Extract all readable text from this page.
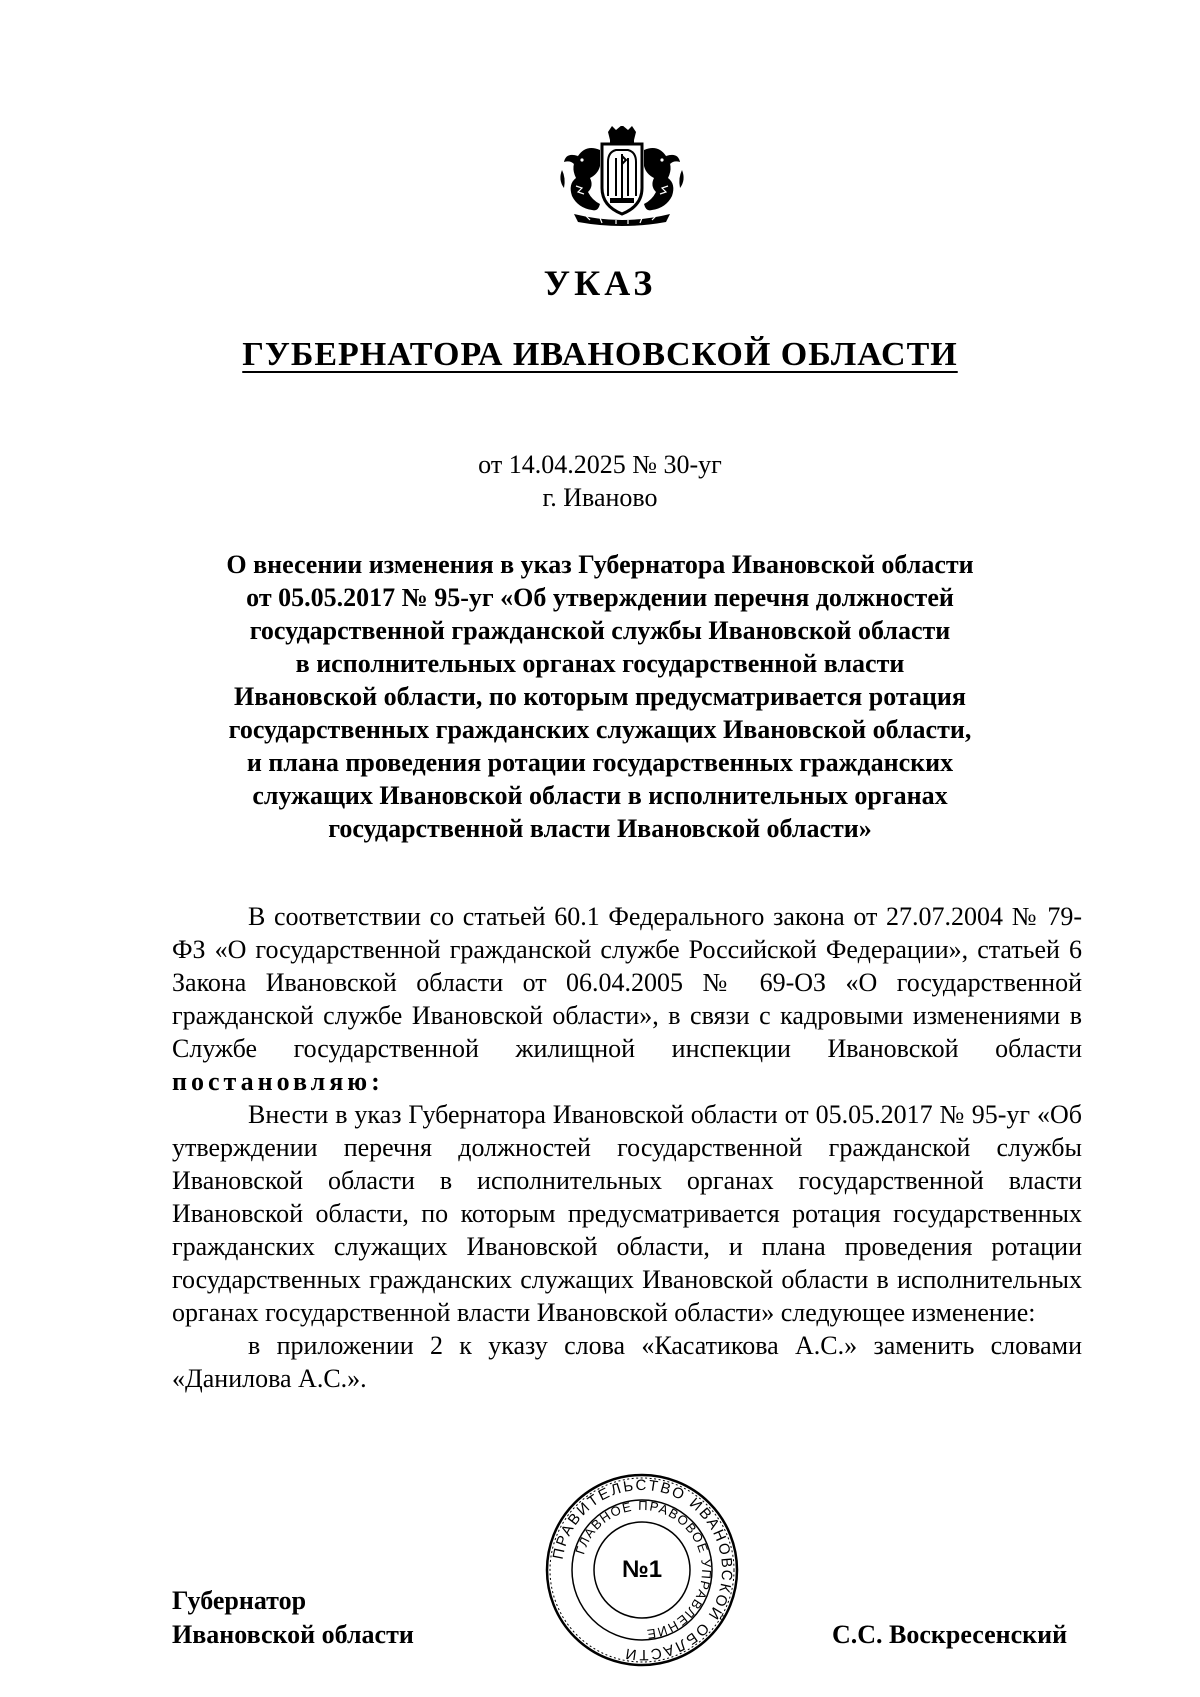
УКАЗ
ГУБЕРНАТОРА ИВАНОВСКОЙ ОБЛАСТИ
от 14.04.2025 № 30-уг
г. Иваново
О внесении изменения в указ Губернатора Ивановской области
от 05.05.2017 № 95-уг «Об утверждении перечня должностей
государственной гражданской службы Ивановской области
в исполнительных органах государственной власти
Ивановской области, по которым предусматривается ротация
государственных гражданских служащих Ивановской области,
и плана проведения ротации государственных гражданских
служащих Ивановской области в исполнительных органах
государственной власти Ивановской области»

В соответствии со статьей 60.1 Федерального закона от 27.07.2004 № 79-ФЗ «О государственной гражданской службе Российской Федерации», статьей 6 Закона Ивановской области от 06.04.2005 № 69-ОЗ «О государственной гражданской службе Ивановской области», в связи с кадровыми изменениями в Службе государственной жилищной инспекции Ивановской области постановляю:

Внести в указ Губернатора Ивановской области от 05.05.2017 № 95-уг «Об утверждении перечня должностей государственной гражданской службы Ивановской области в исполнительных органах государственной власти Ивановской области, по которым предусматривается ротация государственных гражданских служащих Ивановской области, и плана проведения ротации государственных гражданских служащих Ивановской области в исполнительных органах государственной власти Ивановской области» следующее изменение:

в приложении 2 к указу слова «Касатикова А.С.» заменить словами «Данилова А.С.».

Губернатор
Ивановской области
ПРАВИТЕЛЬСТВО ИВАНОВСКОЙ ОБЛАСТИ
ГЛАВНОЕ ПРАВОВОЕ УПРАВЛЕНИЕ
№1
С.С. Воскресенский
